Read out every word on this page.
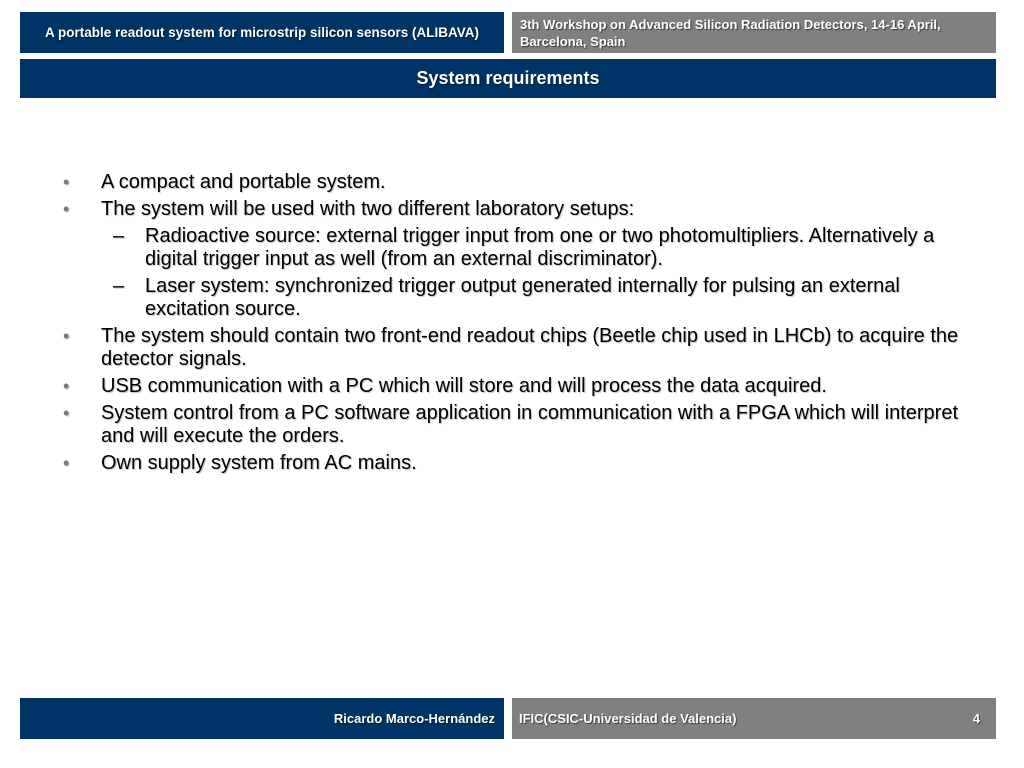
A portable readout system for microstrip silicon sensors (ALIBAVA)
3th Workshop on Advanced Silicon Radiation Detectors, 14-16 April, Barcelona, Spain
System requirements
•	A compact and portable system.
•	The system will be used with two different laboratory setups:
–	Radioactive source: external trigger input from one or two photomultipliers. Alternatively a digital trigger input as well (from an external discriminator).
–	Laser system: synchronized trigger output generated internally for pulsing an external excitation source.
•	The system should contain two front-end readout chips (Beetle chip used in LHCb) to acquire the detector signals.
•	USB communication with a PC which will store and will process the data acquired.
•	System control from a PC software application in communication with a FPGA which will interpret and will execute the orders.
•	Own supply system from AC mains.
Ricardo Marco-Hernández IFIC(CSIC-Universidad de Valencia)	4
